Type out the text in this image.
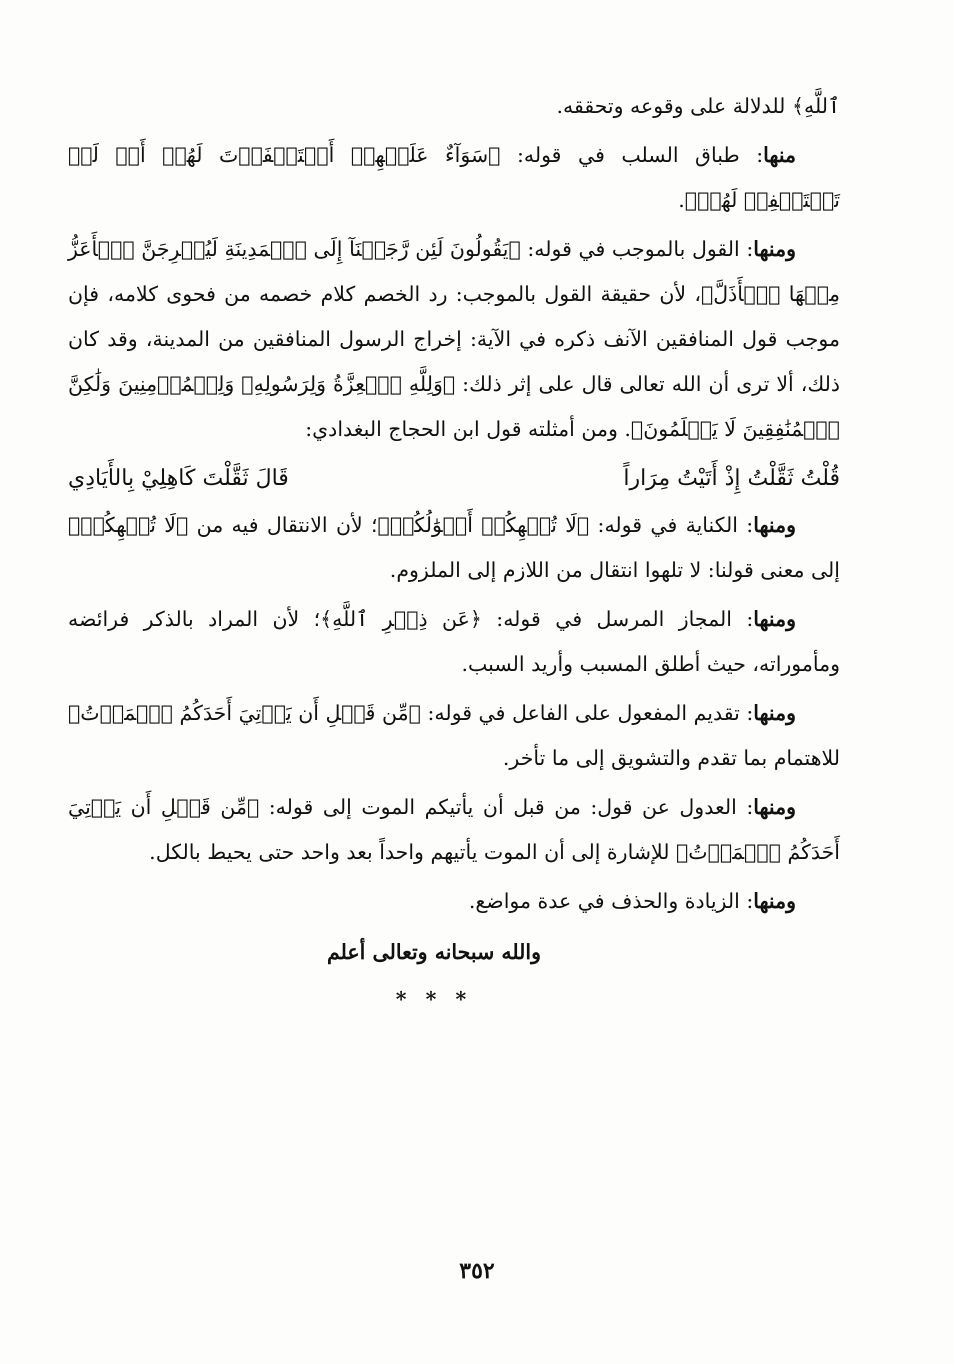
ٱللَّهِ﴾ للدلالة على وقوعه وتحققه.

منها: طباق السلب في قوله: ﴿سَوَآءٌ عَلَيۡهِمۡ أَسۡتَغۡفَرۡتَ لَهُمۡ أَمۡ لَمۡ تَسۡتَغۡفِرۡ لَهُمۡ﴾.

ومنها: القول بالموجب في قوله: ﴿يَقُولُونَ لَئِن رَّجَعۡنَآ إِلَى ٱلۡمَدِينَةِ لَيُخۡرِجَنَّ ٱلۡأَعَزُّ مِنۡهَا ٱلۡأَذَلَّ﴾، لأن حقيقة القول بالموجب: رد الخصم كلام خصمه من فحوى كلامه، فإن موجب قول المنافقين الآنف ذكره في الآية: إخراج الرسول المنافقين من المدينة، وقد كان ذلك، ألا ترى أن الله تعالى قال على إثر ذلك: ﴿وَلِلَّهِ ٱلۡعِزَّةُ وَلِرَسُولِهِۦ وَلِلۡمُؤۡمِنِينَ وَلَٰكِنَّ ٱلۡمُنَٰفِقِينَ لَا يَعۡلَمُونَ﴾. ومن أمثلته قول ابن الحجاج البغدادي:

قُلْتُ ثَقَّلْتُ إِذْ أَتَيْتُ مِرَاراً
قَالَ ثَقَّلْتَ كَاهِلِيْ بِالأَيَادِي

ومنها: الكناية في قوله: ﴿لَا تُلۡهِكُمۡ أَمۡوَٰلُكُمۡ﴾؛ لأن الانتقال فيه من ﴿لَا تُلۡهِكُمۡ﴾ إلى معنى قولنا: لا تلهوا انتقال من اللازم إلى الملزوم.

ومنها: المجاز المرسل في قوله: ﴿عَن ذِكۡرِ ٱللَّهِ﴾؛ لأن المراد بالذكر فرائضه ومأموراته، حيث أطلق المسبب وأريد السبب.

ومنها: تقديم المفعول على الفاعل في قوله: ﴿مِّن قَبۡلِ أَن يَأۡتِيَ أَحَدَكُمُ ٱلۡمَوۡتُ﴾ للاهتمام بما تقدم والتشويق إلى ما تأخر.

ومنها: العدول عن قول: من قبل أن يأتيكم الموت إلى قوله: ﴿مِّن قَبۡلِ أَن يَأۡتِيَ أَحَدَكُمُ ٱلۡمَوۡتُ﴾ للإشارة إلى أن الموت يأتيهم واحداً بعد واحد حتى يحيط بالكل.

ومنها: الزيادة والحذف في عدة مواضع.

والله سبحانه وتعالى أعلم
* * *
٣٥٢
